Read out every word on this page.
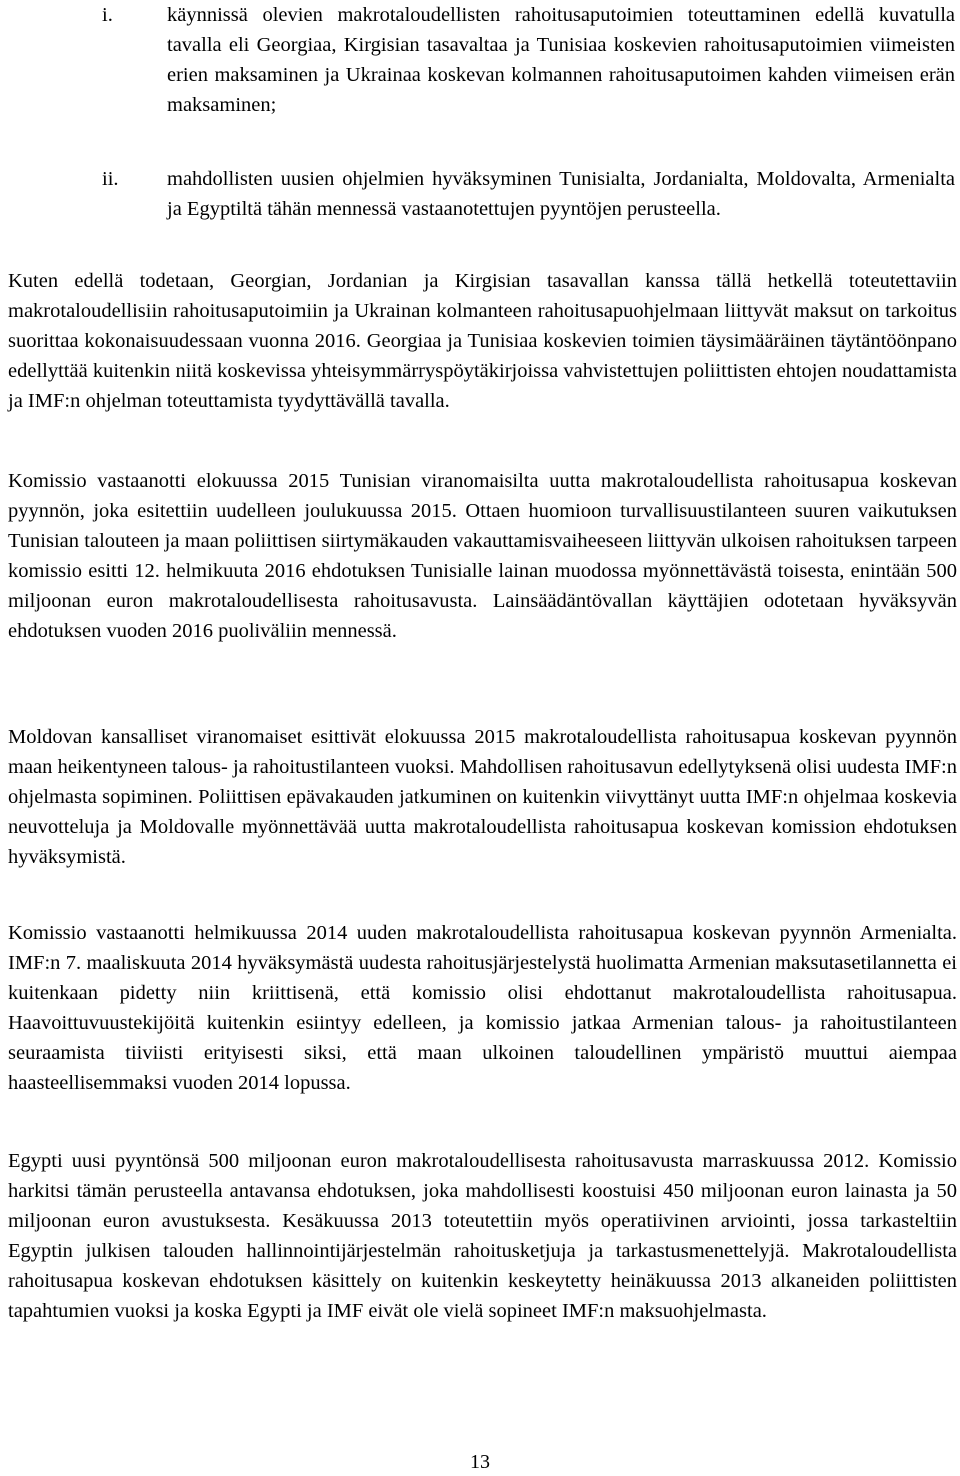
i.	käynnissä olevien makrotaloudellisten rahoitusaputoimien toteuttaminen edellä kuvatulla tavalla eli Georgiaa, Kirgisian tasavaltaa ja Tunisiaa koskevien rahoitusaputoimien viimeisten erien maksaminen ja Ukrainaa koskevan kolmannen rahoitusaputoimen kahden viimeisen erän maksaminen;
ii.	mahdollisten uusien ohjelmien hyväksyminen Tunisialta, Jordanialta, Moldovalta, Armenialta ja Egyptiltä tähän mennessä vastaanotettujen pyyntöjen perusteella.

Kuten edellä todetaan, Georgian, Jordanian ja Kirgisian tasavallan kanssa tällä hetkellä toteutettaviin makrotaloudellisiin rahoitusaputoimiin ja Ukrainan kolmanteen rahoitusapuohjelmaan liittyvät maksut on tarkoitus suorittaa kokonaisuudessaan vuonna 2016. Georgiaa ja Tunisiaa koskevien toimien täysimääräinen täytäntöönpano edellyttää kuitenkin niitä koskevissa yhteisymmärryspöytäkirjoissa vahvistettujen poliittisten ehtojen noudattamista ja IMF:n ohjelman toteuttamista tyydyttävällä tavalla.

Komissio vastaanotti elokuussa 2015 Tunisian viranomaisilta uutta makrotaloudellista rahoitusapua koskevan pyynnön, joka esitettiin uudelleen joulukuussa 2015. Ottaen huomioon turvallisuustilanteen suuren vaikutuksen Tunisian talouteen ja maan poliittisen siirtymäkauden vakauttamisvaiheeseen liittyvän ulkoisen rahoituksen tarpeen komissio esitti 12. helmikuuta 2016 ehdotuksen Tunisialle lainan muodossa myönnettävästä toisesta, enintään 500 miljoonan euron makrotaloudellisesta rahoitusavusta. Lainsäädäntövallan käyttäjien odotetaan hyväksyvän ehdotuksen vuoden 2016 puoliväliin mennessä.

Moldovan kansalliset viranomaiset esittivät elokuussa 2015 makrotaloudellista rahoitusapua koskevan pyynnön maan heikentyneen talous- ja rahoitustilanteen vuoksi. Mahdollisen rahoitusavun edellytyksenä olisi uudesta IMF:n ohjelmasta sopiminen. Poliittisen epävakauden jatkuminen on kuitenkin viivyttänyt uutta IMF:n ohjelmaa koskevia neuvotteluja ja Moldovalle myönnettävää uutta makrotaloudellista rahoitusapua koskevan komission ehdotuksen hyväksymistä.

Komissio vastaanotti helmikuussa 2014 uuden makrotaloudellista rahoitusapua koskevan pyynnön Armenialta. IMF:n 7. maaliskuuta 2014 hyväksymästä uudesta rahoitusjärjestelystä huolimatta Armenian maksutasetilannetta ei kuitenkaan pidetty niin kriittisenä, että komissio olisi ehdottanut makrotaloudellista rahoitusapua. Haavoittuvuustekijöitä kuitenkin esiintyy edelleen, ja komissio jatkaa Armenian talous- ja rahoitustilanteen seuraamista tiiviisti erityisesti siksi, että maan ulkoinen taloudellinen ympäristö muuttui aiempaa haasteellisemmaksi vuoden 2014 lopussa.

Egypti uusi pyyntönsä 500 miljoonan euron makrotaloudellisesta rahoitusavusta marraskuussa 2012. Komissio harkitsi tämän perusteella antavansa ehdotuksen, joka mahdollisesti koostuisi 450 miljoonan euron lainasta ja 50 miljoonan euron avustuksesta. Kesäkuussa 2013 toteutettiin myös operatiivinen arviointi, jossa tarkasteltiin Egyptin julkisen talouden hallinnointijärjestelmän rahoitusketjuja ja tarkastusmenettelyjä. Makrotaloudellista rahoitusapua koskevan ehdotuksen käsittely on kuitenkin keskeytetty heinäkuussa 2013 alkaneiden poliittisten tapahtumien vuoksi ja koska Egypti ja IMF eivät ole vielä sopineet IMF:n maksuohjelmasta.

13
